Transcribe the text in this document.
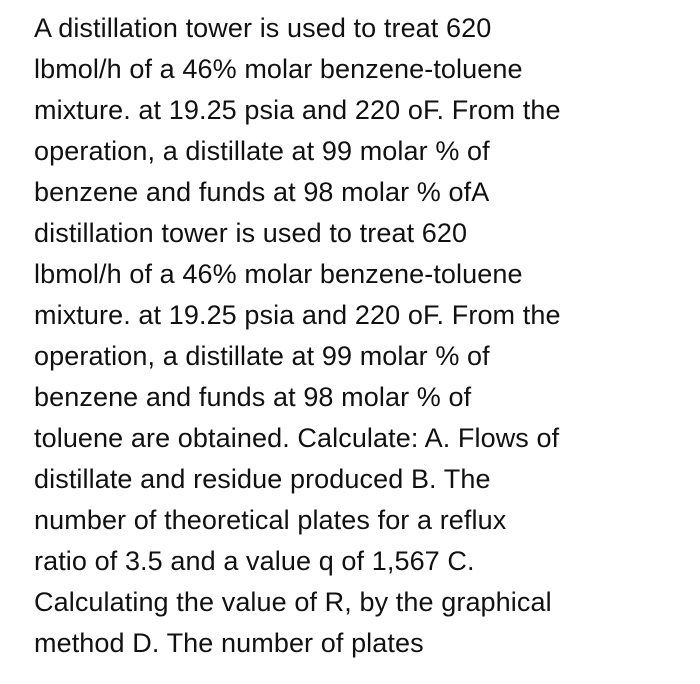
A distillation tower is used to treat 620
lbmol/h of a 46% molar benzene-toluene
mixture. at 19.25 psia and 220 oF. From the
operation, a distillate at 99 molar % of
benzene and funds at 98 molar % ofA
distillation tower is used to treat 620
lbmol/h of a 46% molar benzene-toluene
mixture. at 19.25 psia and 220 oF. From the
operation, a distillate at 99 molar % of
benzene and funds at 98 molar % of
toluene are obtained. Calculate: A. Flows of
distillate and residue produced B. The
number of theoretical plates for a reflux
ratio of 3.5 and a value q of 1,567 C.
Calculating the value of R, by the graphical
method D. The number of plates
